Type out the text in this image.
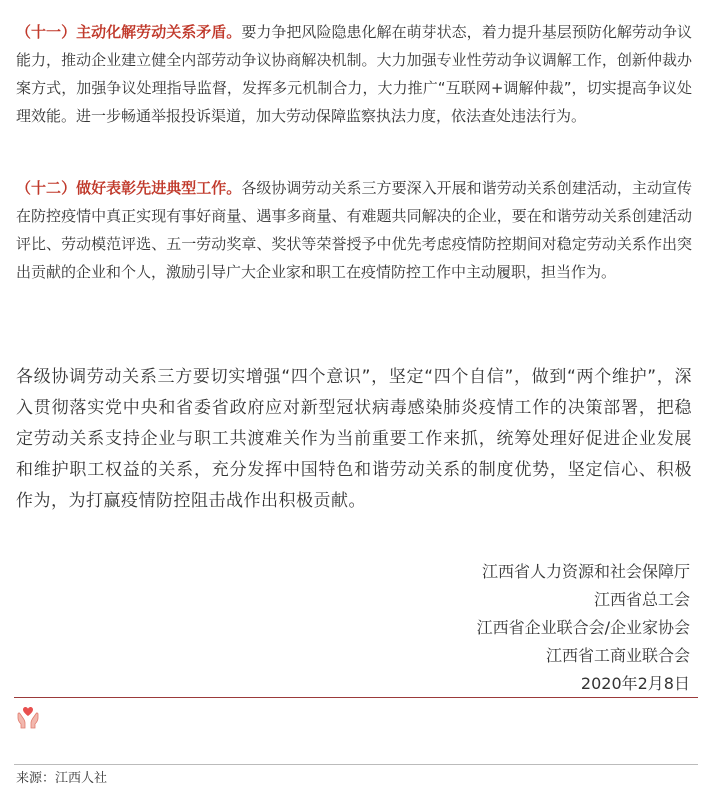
（十一）主动化解劳动关系矛盾。要力争把风险隐患化解在萌芽状态，着力提升基层预防化解劳动争议能力，推动企业建立健全内部劳动争议协商解决机制。大力加强专业性劳动争议调解工作，创新仲裁办案方式，加强争议处理指导监督，发挥多元机制合力，大力推广“互联网+调解仲裁”，切实提高争议处理效能。进一步畅通举报投诉渠道，加大劳动保障监察执法力度，依法查处违法行为。

（十二）做好表彰先进典型工作。各级协调劳动关系三方要深入开展和谐劳动关系创建活动，主动宣传在防控疫情中真正实现有事好商量、遇事多商量、有难题共同解决的企业，要在和谐劳动关系创建活动评比、劳动模范评选、五一劳动奖章、奖状等荣誉授予中优先考虑疫情防控期间对稳定劳动关系作出突出贡献的企业和个人，激励引导广大企业家和职工在疫情防控工作中主动履职，担当作为。

各级协调劳动关系三方要切实增强“四个意识”，坚定“四个自信”，做到“两个维护”，深入贯彻落实党中央和省委省政府应对新型冠状病毒感染肺炎疫情工作的决策部署，把稳定劳动关系支持企业与职工共渡难关作为当前重要工作来抓，统筹处理好促进企业发展和维护职工权益的关系，充分发挥中国特色和谐劳动关系的制度优势，坚定信心、积极作为，为打赢疫情防控阻击战作出积极贡献。

江西省人力资源和社会保障厅
江西省总工会
江西省企业联合会/企业家协会
江西省工商业联合会
2020年2月8日
来源：江西人社
